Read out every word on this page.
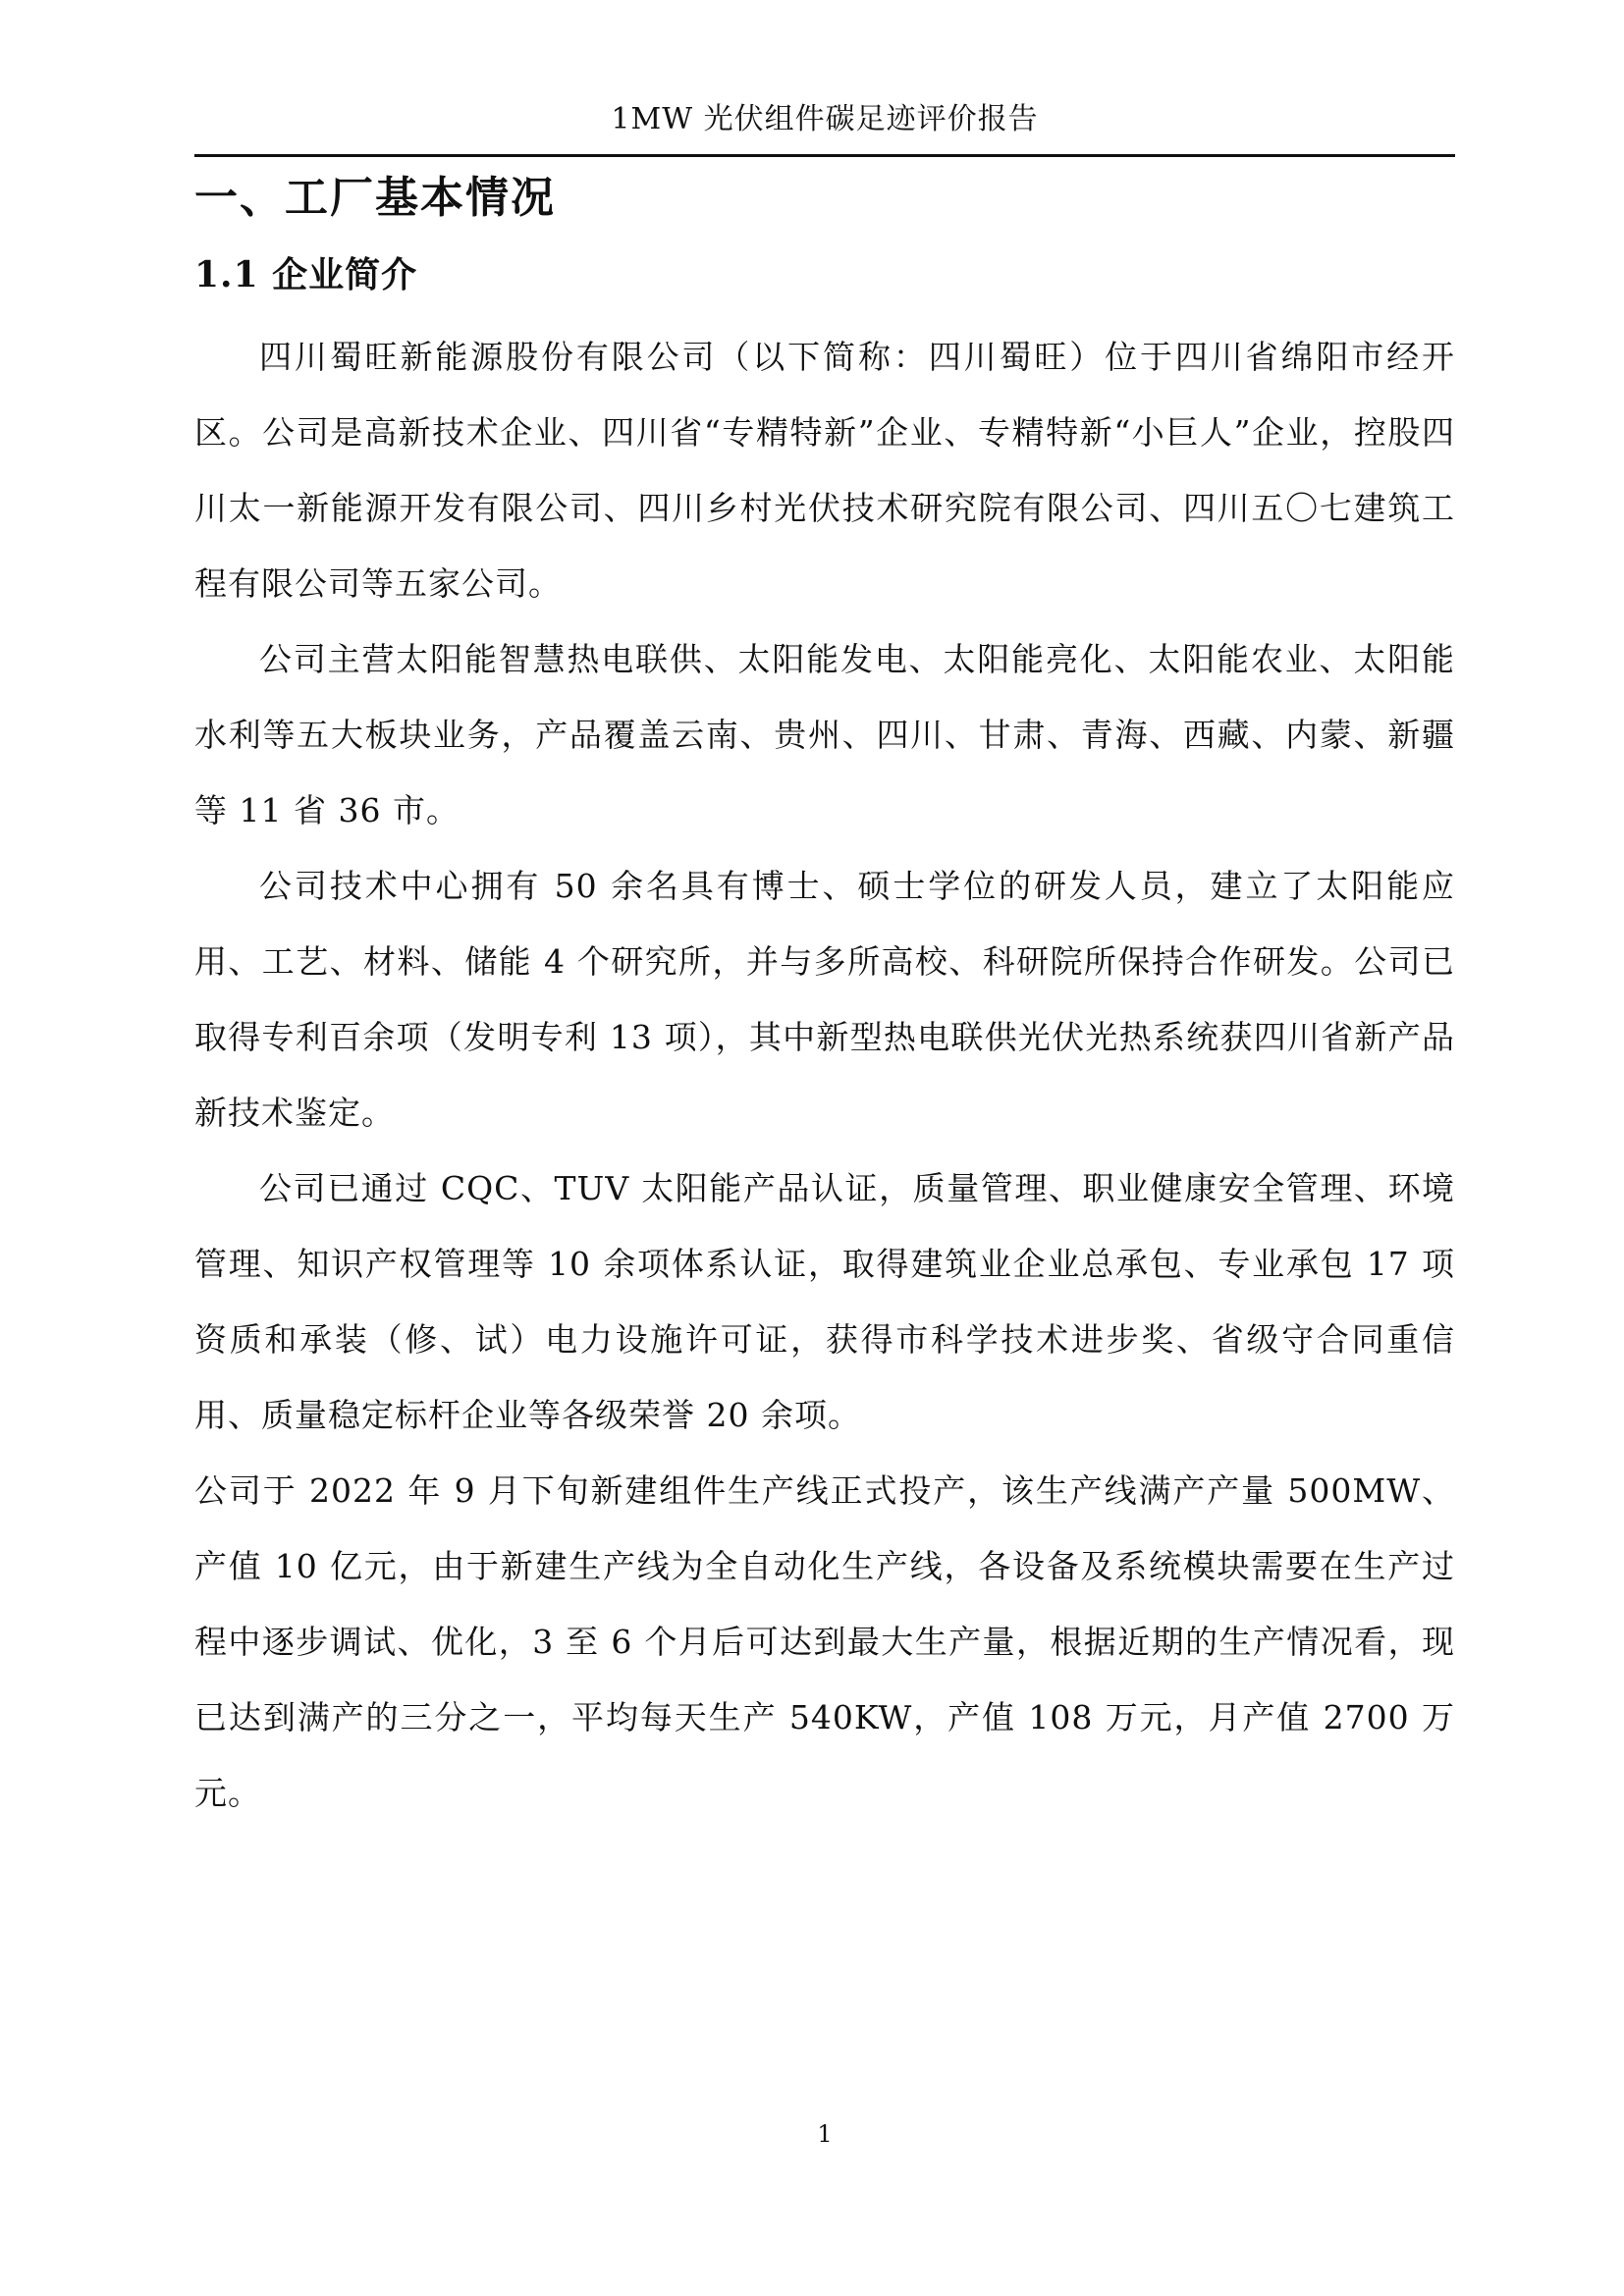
1MW 光伏组件碳足迹评价报告
一、工厂基本情况
1.1 企业简介

四川蜀旺新能源股份有限公司（以下简称：四川蜀旺）位于四川省绵阳市经开区。公司是高新技术企业、四川省“专精特新”企业、专精特新“小巨人”企业，控股四川太一新能源开发有限公司、四川乡村光伏技术研究院有限公司、四川五〇七建筑工程有限公司等五家公司。

公司主营太阳能智慧热电联供、太阳能发电、太阳能亮化、太阳能农业、太阳能水利等五大板块业务，产品覆盖云南、贵州、四川、甘肃、青海、西藏、内蒙、新疆等 11 省 36 市。

公司技术中心拥有 50 余名具有博士、硕士学位的研发人员，建立了太阳能应用、工艺、材料、储能 4 个研究所，并与多所高校、科研院所保持合作研发。公司已取得专利百余项（发明专利 13 项），其中新型热电联供光伏光热系统获四川省新产品新技术鉴定。

公司已通过 CQC、TUV 太阳能产品认证，质量管理、职业健康安全管理、环境管理、知识产权管理等 10 余项体系认证，取得建筑业企业总承包、专业承包 17 项资质和承装（修、试）电力设施许可证，获得市科学技术进步奖、省级守合同重信用、质量稳定标杆企业等各级荣誉 20 余项。

公司于 2022 年 9 月下旬新建组件生产线正式投产，该生产线满产产量 500MW、产值 10 亿元，由于新建生产线为全自动化生产线，各设备及系统模块需要在生产过程中逐步调试、优化，3 至 6 个月后可达到最大生产量，根据近期的生产情况看，现已达到满产的三分之一，平均每天生产 540KW，产值 108 万元，月产值 2700 万元。

1
